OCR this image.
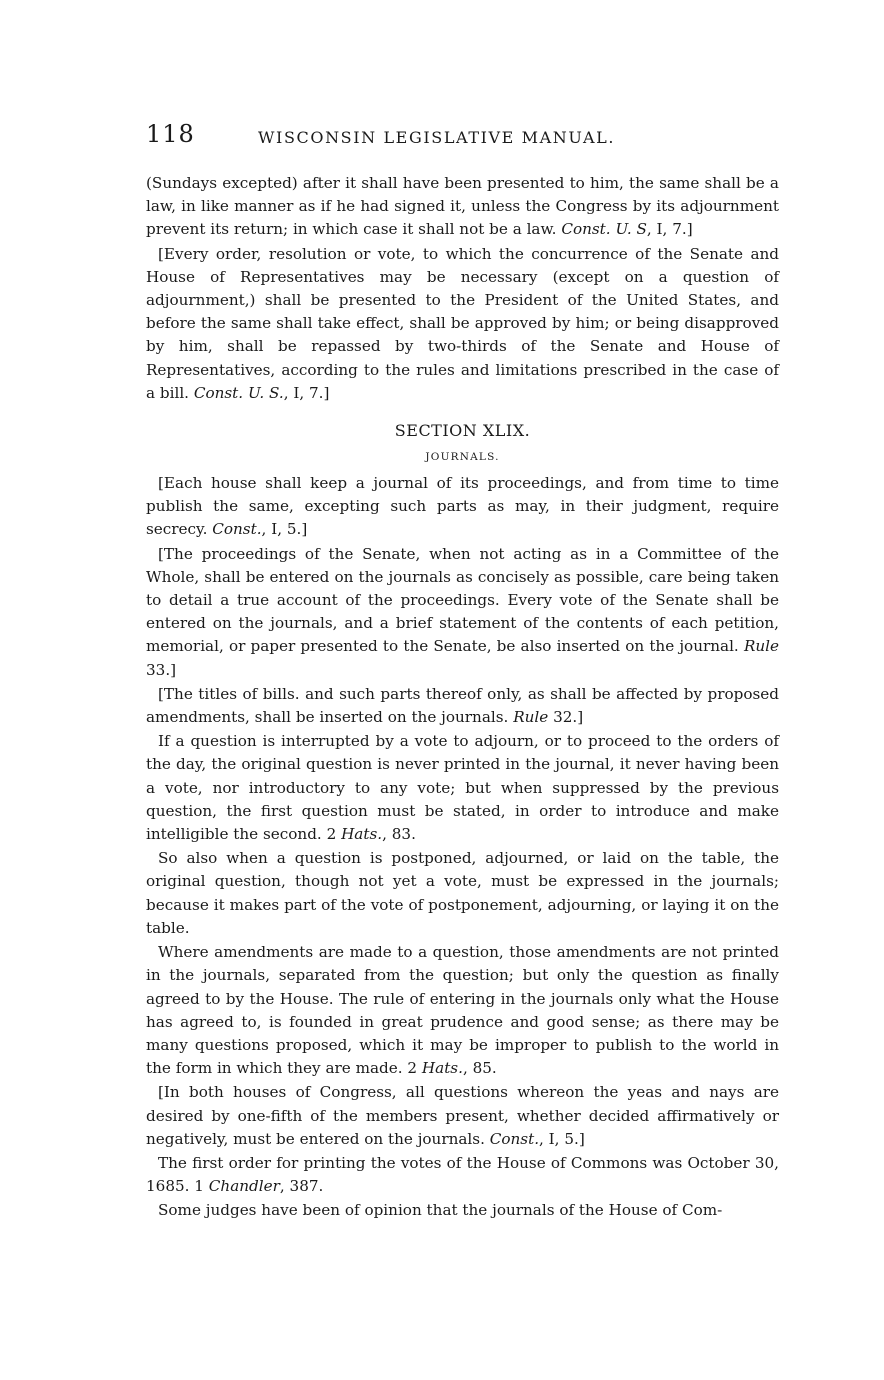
118	WISCONSIN LEGISLATIVE MANUAL.

(Sundays excepted) after it shall have been presented to him, the same shall be a law, in like manner as if he had signed it, unless the Congress by its adjournment prevent its return; in which case it shall not be a law. Const. U. S, I, 7.]

[Every order, resolution or vote, to which the concurrence of the Senate and House of Representatives may be necessary (except on a question of adjournment,) shall be presented to the President of the United States, and before the same shall take effect, shall be approved by him; or being disapproved by him, shall be repassed by two-thirds of the Senate and House of Representatives, according to the rules and limitations prescribed in the case of a bill. Const. U. S., I, 7.]

SECTION XLIX.
JOURNALS.

[Each house shall keep a journal of its proceedings, and from time to time publish the same, excepting such parts as may, in their judgment, require secrecy. Const., I, 5.]

[The proceedings of the Senate, when not acting as in a Committee of the Whole, shall be entered on the journals as concisely as possible, care being taken to detail a true account of the proceedings. Every vote of the Senate shall be entered on the journals, and a brief statement of the contents of each petition, memorial, or paper presented to the Senate, be also inserted on the journal. Rule 33.]

[The titles of bills. and such parts thereof only, as shall be affected by proposed amendments, shall be inserted on the journals. Rule 32.]

If a question is interrupted by a vote to adjourn, or to proceed to the orders of the day, the original question is never printed in the journal, it never having been a vote, nor introductory to any vote; but when suppressed by the previous question, the first question must be stated, in order to introduce and make intelligible the second. 2 Hats., 83.

So also when a question is postponed, adjourned, or laid on the table, the original question, though not yet a vote, must be expressed in the journals; because it makes part of the vote of postponement, adjourning, or laying it on the table.

Where amendments are made to a question, those amendments are not printed in the journals, separated from the question; but only the question as finally agreed to by the House. The rule of entering in the journals only what the House has agreed to, is founded in great prudence and good sense; as there may be many questions proposed, which it may be improper to publish to the world in the form in which they are made. 2 Hats., 85.

[In both houses of Congress, all questions whereon the yeas and nays are desired by one-fifth of the members present, whether decided affirmatively or negatively, must be entered on the journals. Const., I, 5.]

The first order for printing the votes of the House of Commons was October 30, 1685. 1 Chandler, 387.

Some judges have been of opinion that the journals of the House of Com-
